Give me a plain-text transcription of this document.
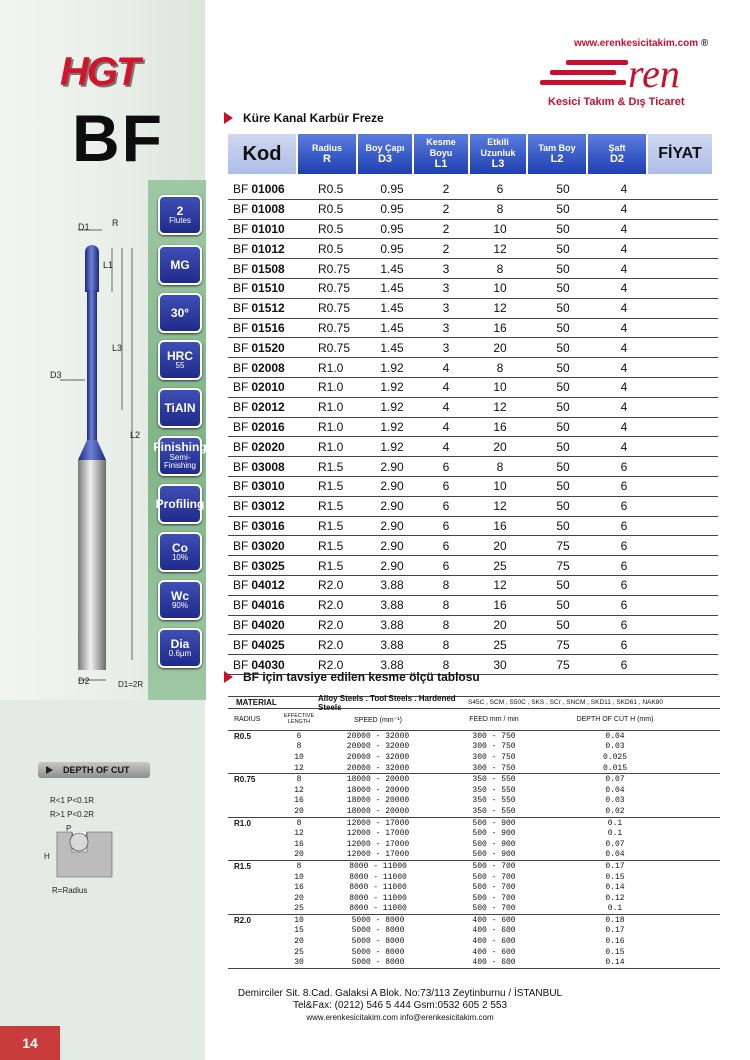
HGT
BF
2
Flutes
MG
30°
HRC
55
TiAlN
Finishing
Semi-Finishing
Profiling
Co
10%
Wc
90%
Dia
0.6µm
D1 R
L1
L3
D3
L2
D2	D1=2R
DEPTH OF CUT
R<1 P<0.1R
R>1 P<0.2R
P
H
R=Radius
14
www.erenkesicitakim.com ®
ren
Kesici Takım & Dış Ticaret
Küre Kanal Karbür Freze
Kod	Radius
R
Boy Çapı
D3
Kesme Boyu
L1
Etkili Uzunluk
L3
Tam Boy
L2
Şaft
D2	FİYAT
BF 01006	R0.5	0.95	2	6	50	4
BF 01008	R0.5	0.95	2	8	50	4
BF 01010	R0.5	0.95	2	10	50	4
BF 01012	R0.5	0.95	2	12	50	4
BF 01508	R0.75	1.45	3	8	50	4
BF 01510	R0.75	1.45	3	10	50	4
BF 01512	R0.75	1.45	3	12	50	4
BF 01516	R0.75	1.45	3	16	50	4
BF 01520	R0.75	1.45	3	20	50	4
BF 02008	R1.0	1.92	4	8	50	4
BF 02010	R1.0	1.92	4	10	50	4
BF 02012	R1.0	1.92	4	12	50	4
BF 02016	R1.0	1.92	4	16	50	4
BF 02020	R1.0	1.92	4	20	50	4
BF 03008	R1.5	2.90	6	8	50	6
BF 03010	R1.5	2.90	6	10	50	6
BF 03012	R1.5	2.90	6	12	50	6
BF 03016	R1.5	2.90	6	16	50	6
BF 03020	R1.5	2.90	6	20	75	6
BF 03025	R1.5	2.90	6	25	75	6
BF 04012	R2.0	3.88	8	12	50	6
BF 04016	R2.0	3.88	8	16	50	6
BF 04020	R2.0	3.88	8	20	50	6
BF 04025	R2.0	3.88	8	25	75	6
BF 04030	R2.0	3.88	8	30	75	6
BF için tavsiye edilen kesme ölçü tablosu
MATERIAL	Alloy Steels . Tool Steels . Hardened Steels	S45C , SCM , S50C , SKS , SCr , SNCM , SKD11 , SKD61 , NAK80
RADIUS	EFFECTIVE LENGTH	SPEED (mm⁻¹)	FEED mm / min	DEPTH OF CUT H (mm)
R0.5	6	20000 - 32000	300 - 750	0.04
8	20000 - 32000	300 - 750	0.03
10	20000 - 32000	300 - 750	0.025
12	20000 - 32000	300 - 750	0.015
R0.75	8	18000 - 20000	350 - 550	0.07
12	18000 - 20000	350 - 550	0.04
16	18000 - 20000	350 - 550	0.03
20	18000 - 20000	350 - 550	0.02
R1.0	8	12000 - 17000	500 - 900	0.1
12	12000 - 17000	500 - 900	0.1
16	12000 - 17000	500 - 900	0.07
20	12000 - 17000	500 - 900	0.04
R1.5	8	8000 - 11000	500 - 700	0.17
10	8000 - 11000	500 - 700	0.15
16	8000 - 11000	500 - 700	0.14
20	8000 - 11000	500 - 700	0.12
25	8000 - 11000	500 - 700	0.1
R2.0	10	5000 - 8000	400 - 600	0.18
15	5000 - 8000	400 - 600	0.17
20	5000 - 8000	400 - 600	0.16
25	5000 - 8000	400 - 600	0.15
30	5000 - 8000	400 - 600	0.14
Demirciler Sit. 8.Cad. Galaksi A Blok. No:73/113 Zeytinburnu / İSTANBUL
Tel&Fax: (0212) 546 5 444 Gsm:0532 605 2 553
www.erenkesicitakim.com info@erenkesicitakim.com
